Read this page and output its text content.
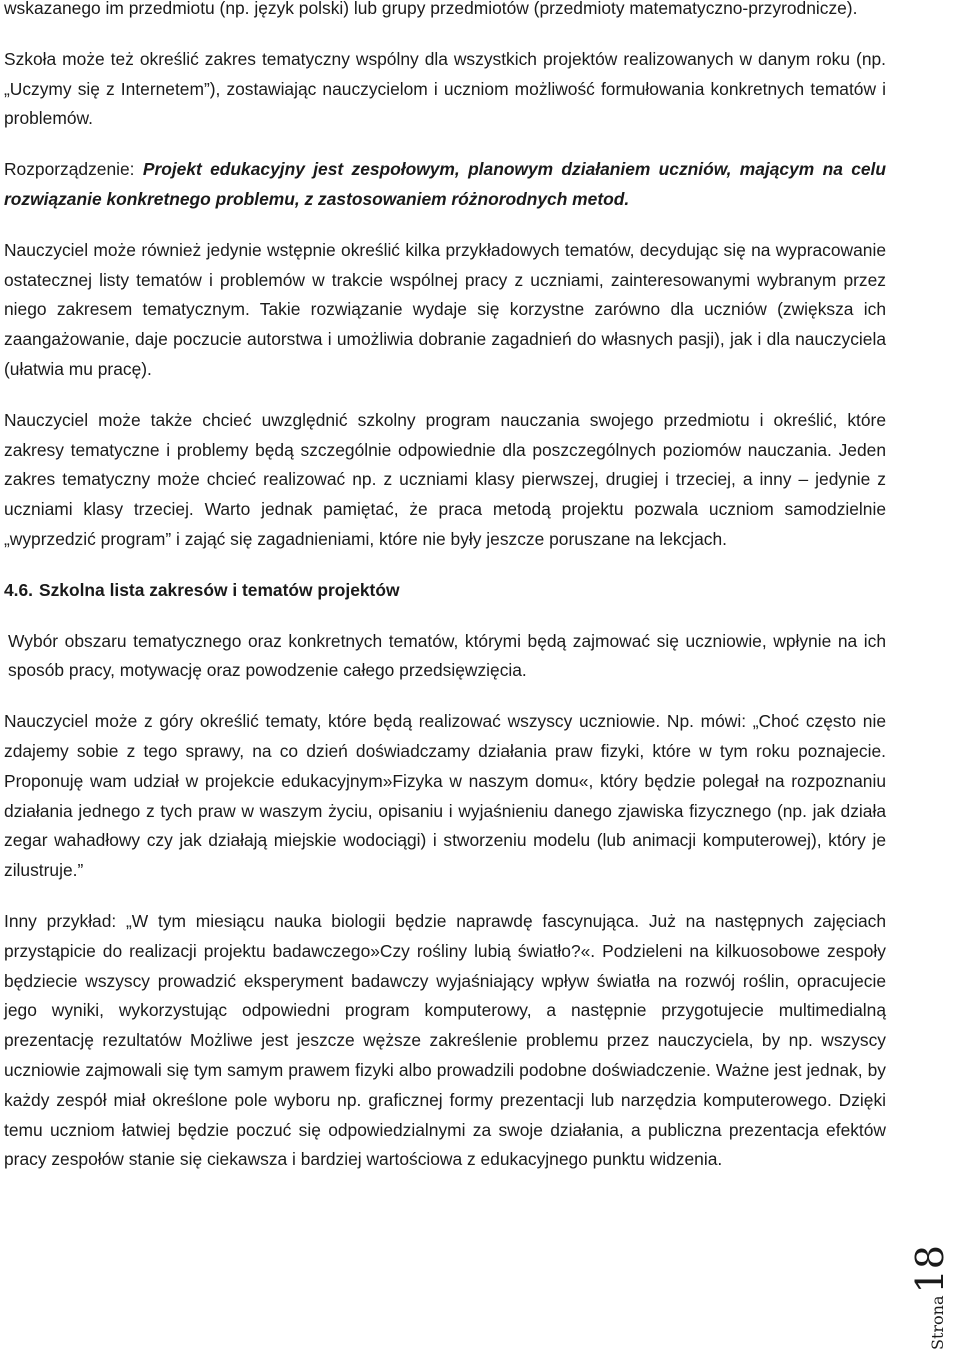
wskazanego im przedmiotu (np. język polski) lub grupy przedmiotów (przedmioty matematyczno-przyrodnicze).

Szkoła może też określić zakres tematyczny wspólny dla wszystkich projektów realizowanych w danym roku (np. „Uczymy się z Internetem”), zostawiając nauczycielom i uczniom możliwość formułowania konkretnych tematów i problemów.

Rozporządzenie: Projekt edukacyjny jest zespołowym, planowym działaniem uczniów, mającym na celu rozwiązanie konkretnego problemu, z zastosowaniem różnorodnych metod.

Nauczyciel może również jedynie wstępnie określić kilka przykładowych tematów, decydując się na wypracowanie ostatecznej listy tematów i problemów w trakcie wspólnej pracy z uczniami, zainteresowanymi wybranym przez niego zakresem tematycznym. Takie rozwiązanie wydaje się korzystne zarówno dla uczniów (zwiększa ich zaangażowanie, daje poczucie autorstwa i umożliwia dobranie zagadnień do własnych pasji), jak i dla nauczyciela (ułatwia mu pracę).

Nauczyciel może także chcieć uwzględnić szkolny program nauczania swojego przedmiotu i określić, które zakresy tematyczne i problemy będą szczególnie odpowiednie dla poszczególnych poziomów nauczania. Jeden zakres tematyczny może chcieć realizować np. z uczniami klasy pierwszej, drugiej i trzeciej, a inny – jedynie z uczniami klasy trzeciej. Warto jednak pamiętać, że praca metodą projektu pozwala uczniom samodzielnie „wyprzedzić program” i zająć się zagadnieniami, które nie były jeszcze poruszane na lekcjach.

4.6. Szkolna lista zakresów i tematów projektów

Wybór obszaru tematycznego oraz konkretnych tematów, którymi będą zajmować się uczniowie, wpłynie na ich sposób pracy, motywację oraz powodzenie całego przedsięwzięcia.

Nauczyciel może z góry określić tematy, które będą realizować wszyscy uczniowie. Np. mówi: „Choć często nie zdajemy sobie z tego sprawy, na co dzień doświadczamy działania praw fizyki, które w tym roku poznajecie. Proponuję wam udział w projekcie edukacyjnym»Fizyka w naszym domu«, który będzie polegał na rozpoznaniu działania jednego z tych praw w waszym życiu, opisaniu i wyjaśnieniu danego zjawiska fizycznego (np. jak działa zegar wahadłowy czy jak działają miejskie wodociągi) i stworzeniu modelu (lub animacji komputerowej), który je zilustruje.”

Inny przykład: „W tym miesiącu nauka biologii będzie naprawdę fascynująca. Już na następnych zajęciach przystąpicie do realizacji projektu badawczego»Czy rośliny lubią światło?«. Podzieleni na kilkuosobowe zespoły będziecie wszyscy prowadzić eksperyment badawczy wyjaśniający wpływ światła na rozwój roślin, opracujecie jego wyniki, wykorzystując odpowiedni program komputerowy, a następnie przygotujecie multimedialną prezentację rezultatów Możliwe jest jeszcze węższe zakreślenie problemu przez nauczyciela, by np. wszyscy uczniowie zajmowali się tym samym prawem fizyki albo prowadzili podobne doświadczenie. Ważne jest jednak, by każdy zespół miał określone pole wyboru np. graficznej formy prezentacji lub narzędzia komputerowego. Dzięki temu uczniom łatwiej będzie poczuć się odpowiedzialnymi za swoje działania, a publiczna prezentacja efektów pracy zespołów stanie się ciekawsza i bardziej wartościowa z edukacyjnego punktu widzenia.

Strona18
